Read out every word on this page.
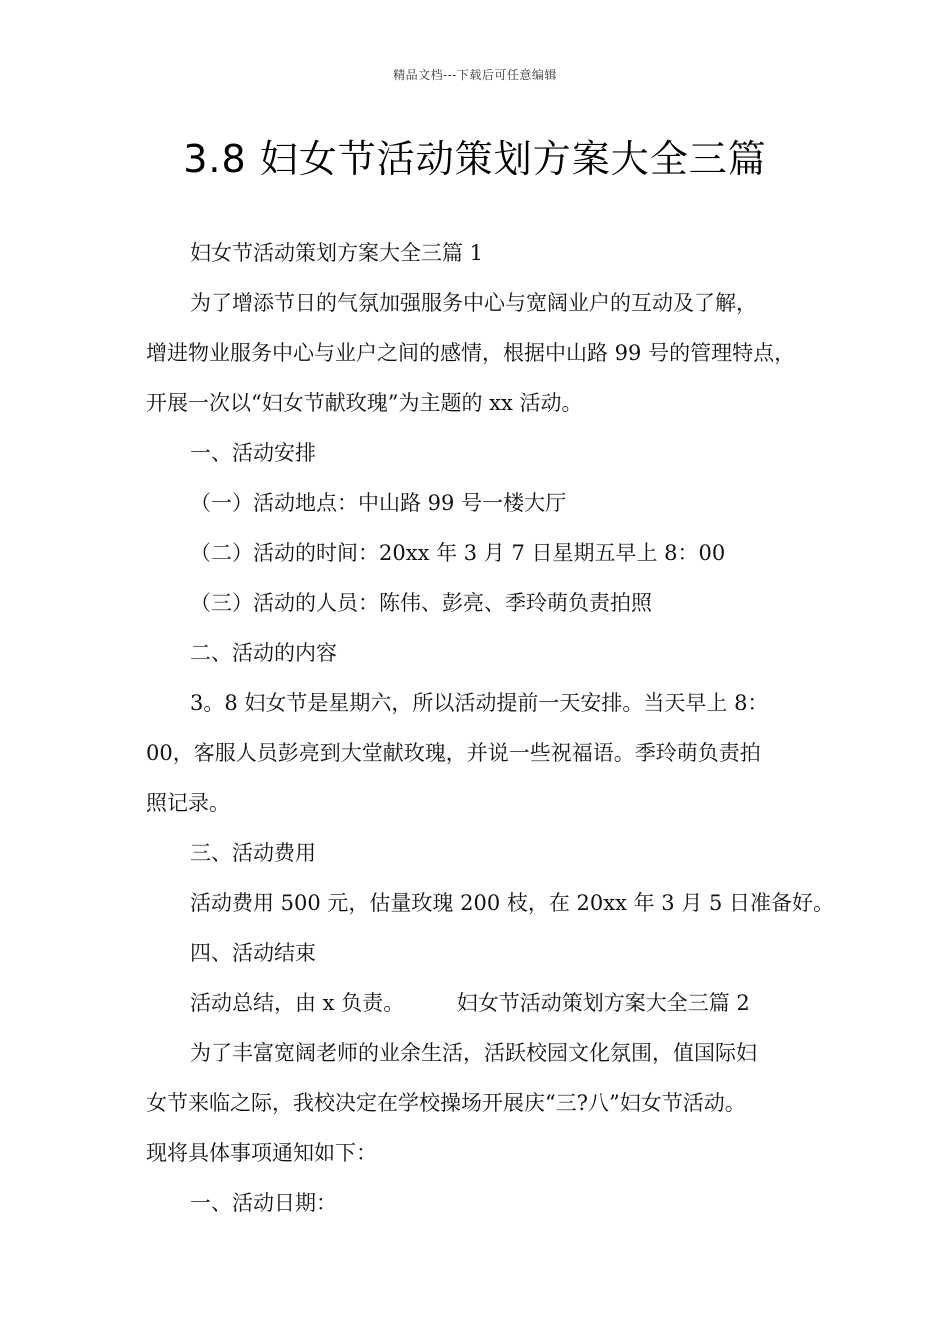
精品文档---下载后可任意编辑
3.8 妇女节活动策划方案大全三篇
妇女节活动策划方案大全三篇 1
为了增添节日的气氛加强服务中心与宽阔业户的互动及了解，
增进物业服务中心与业户之间的感情，根据中山路 99 号的管理特点，
开展一次以“妇女节献玫瑰”为主题的 xx 活动。
一、活动安排
（一）活动地点：中山路 99 号一楼大厅
（二）活动的时间：20xx 年 3 月 7 日星期五早上 8：00
（三）活动的人员：陈伟、彭亮、季玲萌负责拍照
二、活动的内容
3。8 妇女节是星期六，所以活动提前一天安排。当天早上 8：
00，客服人员彭亮到大堂献玫瑰，并说一些祝福语。季玲萌负责拍
照记录。
三、活动费用
活动费用 500 元，估量玫瑰 200 枝，在 20xx 年 3 月 5 日准备好。
四、活动结束
活动总结，由 x 负责。　　　妇女节活动策划方案大全三篇 2
为了丰富宽阔老师的业余生活，活跃校园文化氛围，值国际妇
女节来临之际，我校决定在学校操场开展庆“三?八”妇女节活动。
现将具体事项通知如下：
一、活动日期：
